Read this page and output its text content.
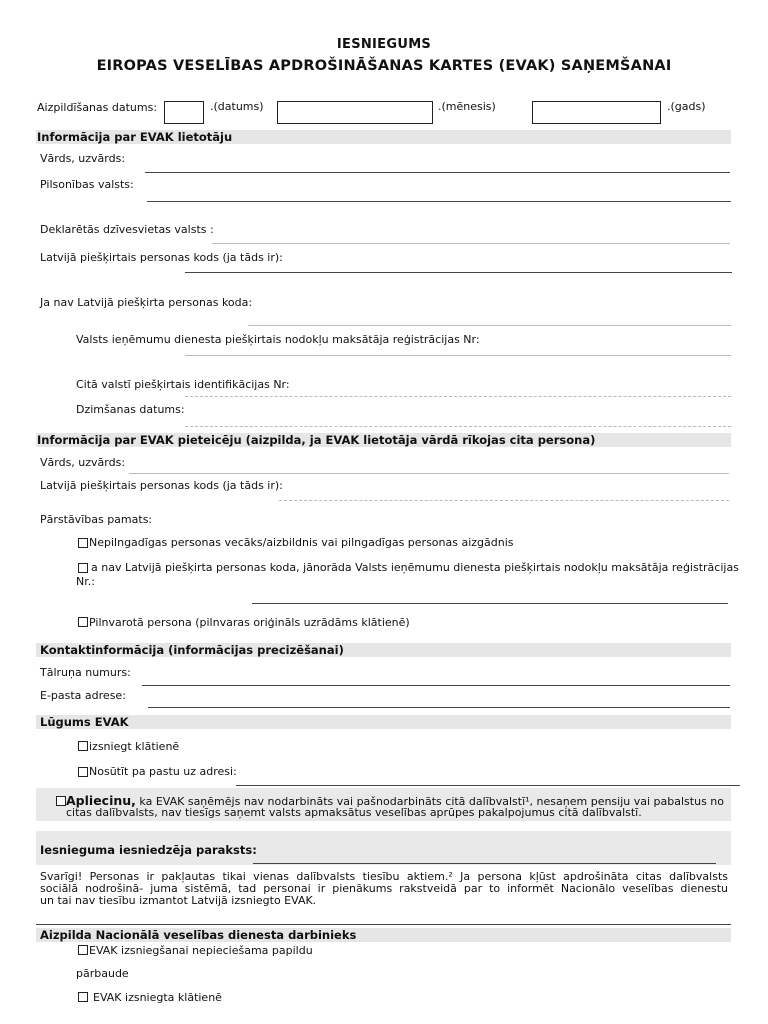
IESNIEGUMS
EIROPAS VESELĪBAS APDROŠINĀŠANAS KARTES (EVAK) SAŅEMŠANAI
Aizpildīšanas datums:	.(datums)	.(mēnesis)	.(gads)
Informācija par EVAK lietotāju
Vārds, uzvārds:
Pilsonības valsts:
Deklarētās dzīvesvietas valsts :
Latvijā piešķirtais personas kods (ja tāds ir):
Ja nav Latvijā piešķirta personas koda:
Valsts ieņēmumu dienesta piešķirtais nodokļu maksātāja reģistrācijas Nr:
Citā valstī piešķirtais identifikācijas Nr:
Dzimšanas datums:
Informācija par EVAK pieteicēju (aizpilda, ja EVAK lietotāja vārdā rīkojas cita persona)
Vārds, uzvārds:
Latvijā piešķirtais personas kods (ja tāds ir):
Pārstāvības pamats:
Nepilngadīgas personas vecāks/aizbildnis vai pilngadīgas personas aizgādnis
a nav Latvijā piešķirta personas koda, jānorāda Valsts ieņēmumu dienesta piešķirtais nodokļu maksātāja reģistrācijas
Nr.:
Pilnvarotā persona (pilnvaras oriģināls uzrādāms klātienē)
Kontaktinformācija (informācijas precizēšanai)
Tālruņa numurs:
E-pasta adrese:
Lūgums EVAK
izsniegt klātienē
Nosūtīt pa pastu uz adresi:
Apliecinu, ka EVAK saņēmējs nav nodarbināts vai pašnodarbināts citā dalībvalstī¹, nesaņem pensiju vai pabalstus no
citas dalībvalsts, nav tiesīgs saņemt valsts apmaksātus veselības aprūpes pakalpojumus citā dalībvalstī.
Iesnieguma iesniedzēja paraksts:
Svarīgi! Personas ir pakļautas tikai vienas dalībvalsts tiesību aktiem.² Ja persona kļūst apdrošināta citas dalībvalsts
sociālā nodrošinā- juma sistēmā, tad personai ir pienākums rakstveidā par to informēt Nacionālo veselības dienestu
un tai nav tiesību izmantot Latvijā izsniegto EVAK.
Aizpilda Nacionālā veselības dienesta darbinieks
EVAK izsniegšanai nepieciešama papildu
pārbaude
EVAK izsniegta klātienē
